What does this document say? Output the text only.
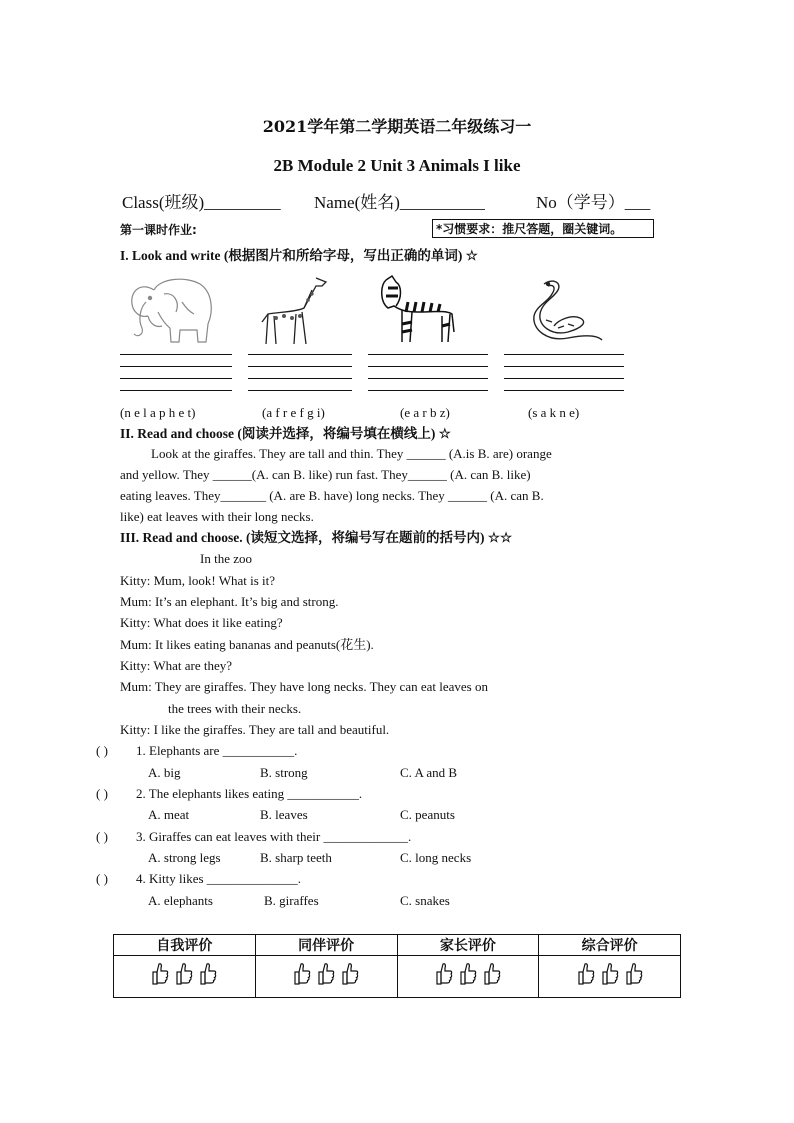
2021学年第二学期英语二年级练习一
2B Module 2 Unit 3 Animals I like
Class(班级)_________ Name(姓名)__________	No（学号）___
第一课时作业:	*习惯要求：推尺答题，圈关键词。
I. Look and write (根据图片和所给字母，写出正确的单词) ☆
(n e l a p h e t)	(a f r e f g i)	(e a r b z)	(s a k n e)
II. Read and choose (阅读并选择，将编号填在横线上) ☆
Look at the giraffes. They are tall and thin. They ______ (A.is B. are) orange
and yellow. They ______(A. can B. like) run fast. They______ (A. can B. like)
eating leaves. They_______ (A. are B. have) long necks. They ______ (A. can B.
like) eat leaves with their long necks.
III. Read and choose. (读短文选择，将编号写在题前的括号内) ☆☆
In the zoo
Kitty: Mum, look! What is it?
Mum: It’s an elephant. It’s big and strong.
Kitty: What does it like eating?
Mum: It likes eating bananas and peanuts(花生).
Kitty: What are they?
Mum: They are giraffes. They have long necks. They can eat leaves on
the trees with their necks.
Kitty: I like the giraffes. They are tall and beautiful.
( ) 1. Elephants are ___________.
A. big	B. strong	C. A and B
( ) 2. The elephants likes eating ___________.
A. meat	B. leaves	C. peanuts
( ) 3. Giraffes can eat leaves with their _____________.
A. strong legs	B. sharp teeth	C. long necks
( ) 4. Kitty likes ______________.
A. elephants	B. giraffes	C. snakes
自我评价	同伴评价	家长评价	综合评价
